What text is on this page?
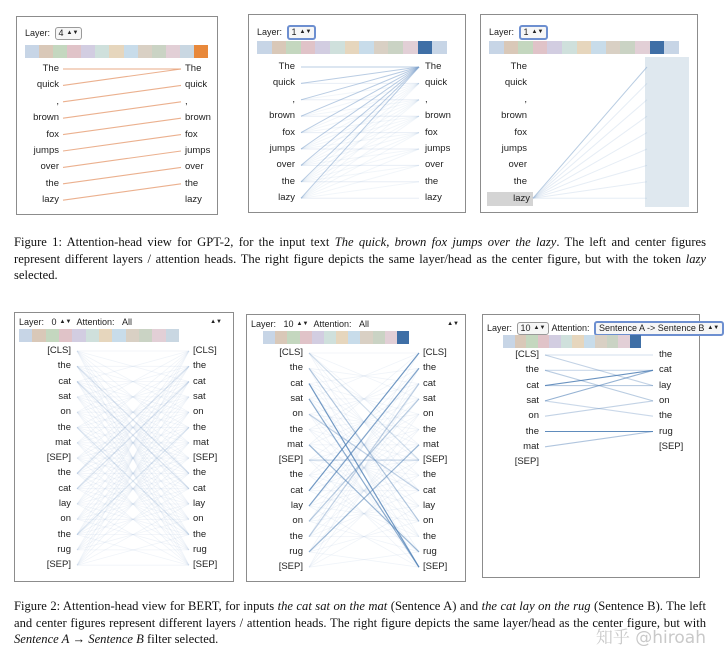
Layer: 4 ▲▼
The	The
quick	quick
,	,
brown	brown
fox	fox
jumps	jumps
over	over
the	the
lazy	lazy
Layer: 1 ▲▼
The	The
quick	quick
,	,
brown	brown
fox	fox
jumps	jumps
over	over
the	the
lazy	lazy
Layer: 1 ▲▼
The
quick
,
brown
fox
jumps
over
the
lazy
Figure 1: Attention-head view for GPT-2, for the input text The quick, brown fox jumps over the lazy. The left and center figures represent different layers / attention heads. The right figure depicts the same layer/head as the center figure, but with the token lazy selected.
Layer: 0 ▲▼ Attention: All	▲▼
[CLS]	[CLS]
the	the
cat	cat
sat	sat
on	on
the	the
mat	mat
[SEP]	[SEP]
the	the
cat	cat
lay	lay
on	on
the	the
rug	rug
[SEP]	[SEP]
Layer: 10 ▲▼ Attention: All	▲▼
[CLS]	[CLS]
the	the
cat	cat
sat	sat
on	on
the	the
mat	mat
[SEP]	[SEP]
the	the
cat	cat
lay	lay
on	on
the	the
rug	rug
[SEP]	[SEP]
Layer: 10 ▲▼ Attention: Sentence A -> Sentence B ▲▼
[CLS]
the
cat
sat
on
the
mat
[SEP]
the
cat
lay
on
the
rug
[SEP]
Figure 2: Attention-head view for BERT, for inputs the cat sat on the mat (Sentence A) and the cat lay on the rug (Sentence B). The left and center figures represent different layers / attention heads. The right figure depicts the same layer/head as the center figure, but with Sentence A → Sentence B filter selected.	知乎 @hiroah
